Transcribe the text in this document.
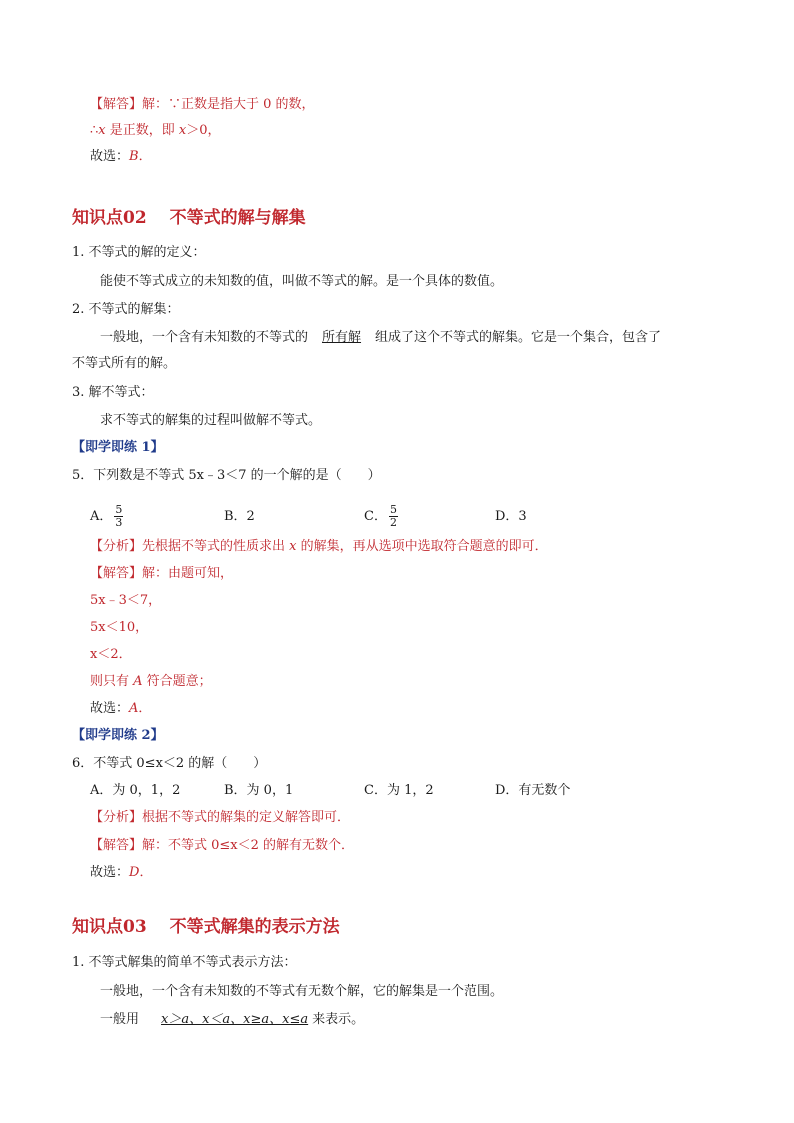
【解答】解：∵正数是指大于 0 的数，
∴x 是正数，即 x＞0，
故选：B．
知识点02　 不等式的解与解集
1. 不等式的解的定义：
能使不等式成立的未知数的值，叫做不等式的解。是一个具体的数值。
2. 不等式的解集：
一般地，一个含有未知数的不等式的 所有解 组成了这个不等式的解集。它是一个集合，包含了
不等式所有的解。
3. 解不等式：
求不等式的解集的过程叫做解不等式。
【即学即练 1】
5．下列数是不等式 5x﹣3＜7 的一个解的是（　　）
A． $\frac{5}{3}$	B．2	C． $\frac{5}{2}$	D．3
【分析】先根据不等式的性质求出 x 的解集，再从选项中选取符合题意的即可．
【解答】解：由题可知，
5x﹣3＜7，
5x＜10，
x＜2．
则只有 A 符合题意；
故选：A．
【即学即练 2】
6．不等式 0≤x＜2 的解（　　）
A．为 0，1，2	B．为 0，1	C．为 1，2	D．有无数个
【分析】根据不等式的解集的定义解答即可．
【解答】解：不等式 0≤x＜2 的解有无数个．
故选：D．
知识点03　 不等式解集的表示方法
1. 不等式解集的简单不等式表示方法：
一般地，一个含有未知数的不等式有无数个解，它的解集是一个范围。
一般用 x＞a、x＜a、x≥a、x≤a 来表示。
